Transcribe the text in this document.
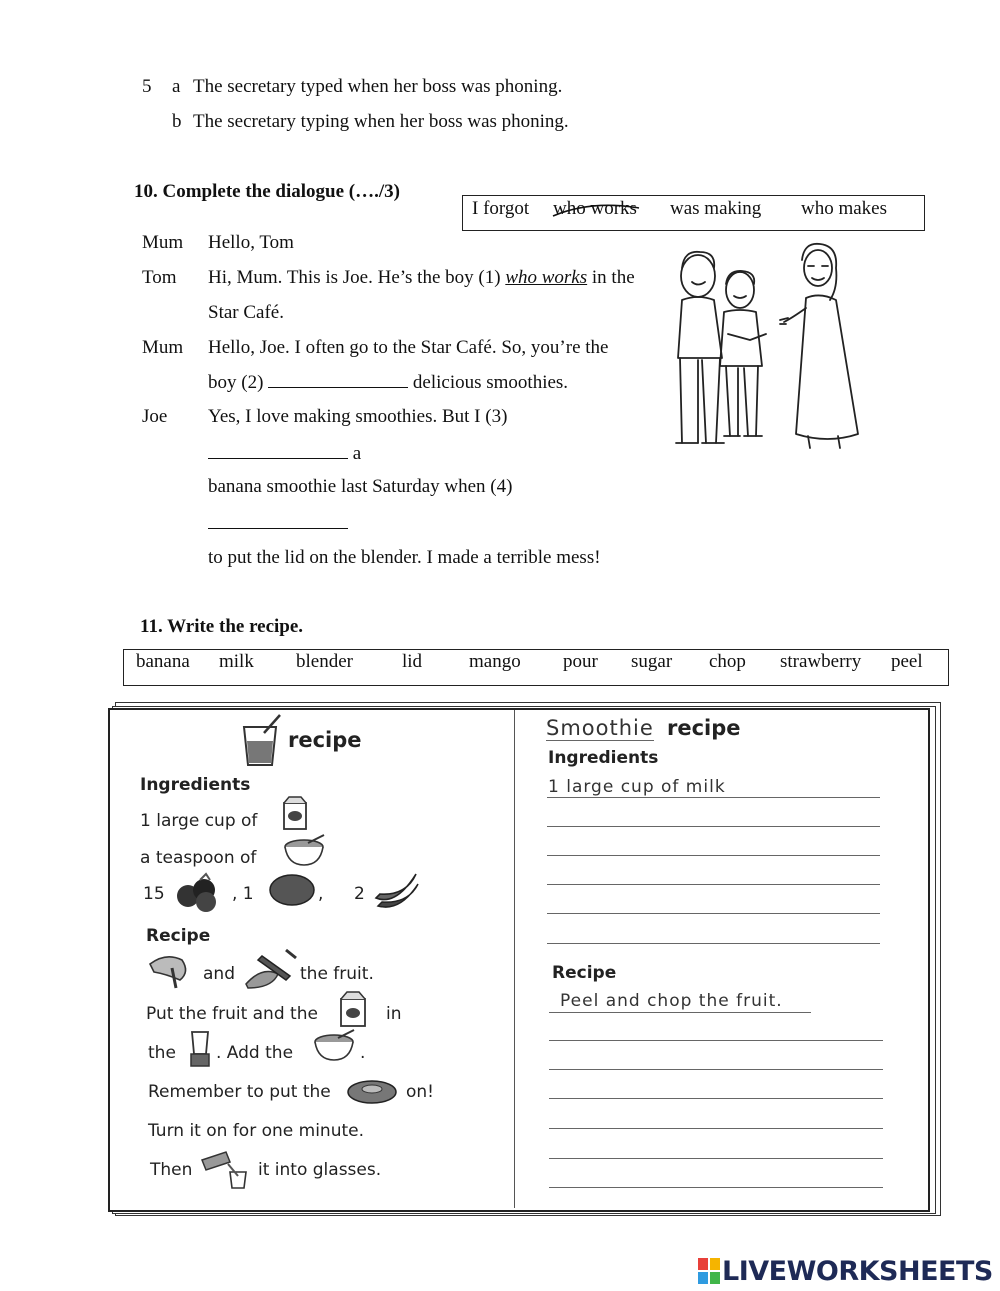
5 a The secretary typed when her boss was phoning.
b The secretary typing when her boss was phoning.
10. Complete the dialogue (…./3)
I forgot who works was making who makes
Mum Hello, Tom
Tom Hi, Mum. This is Joe. He’s the boy (1) who works in the
Star Café.
Mum Hello, Joe. I often go to the Star Café. So, you’re the
boy (2)	delicious smoothies.
Joe Yes, I love making smoothies. But I (3)
a
banana smoothie last Saturday when (4)
to put the lid on the blender. I made a terrible mess!
11. Write the recipe.
banana milk blender	lid mango pour sugar chop strawberry peel
recipe
Ingredients
1 large cup of
a teaspoon of
15	, 1	, 2
Recipe
and	the fruit.
Put the fruit and the	in
the . Add the	.
Remember to put the	on!
Turn it on for one minute.
Then	it into glasses.
Smoothie recipe
Ingredients
1 large cup of milk
Recipe
Peel and chop the fruit.
LIVEWORKSHEETS
